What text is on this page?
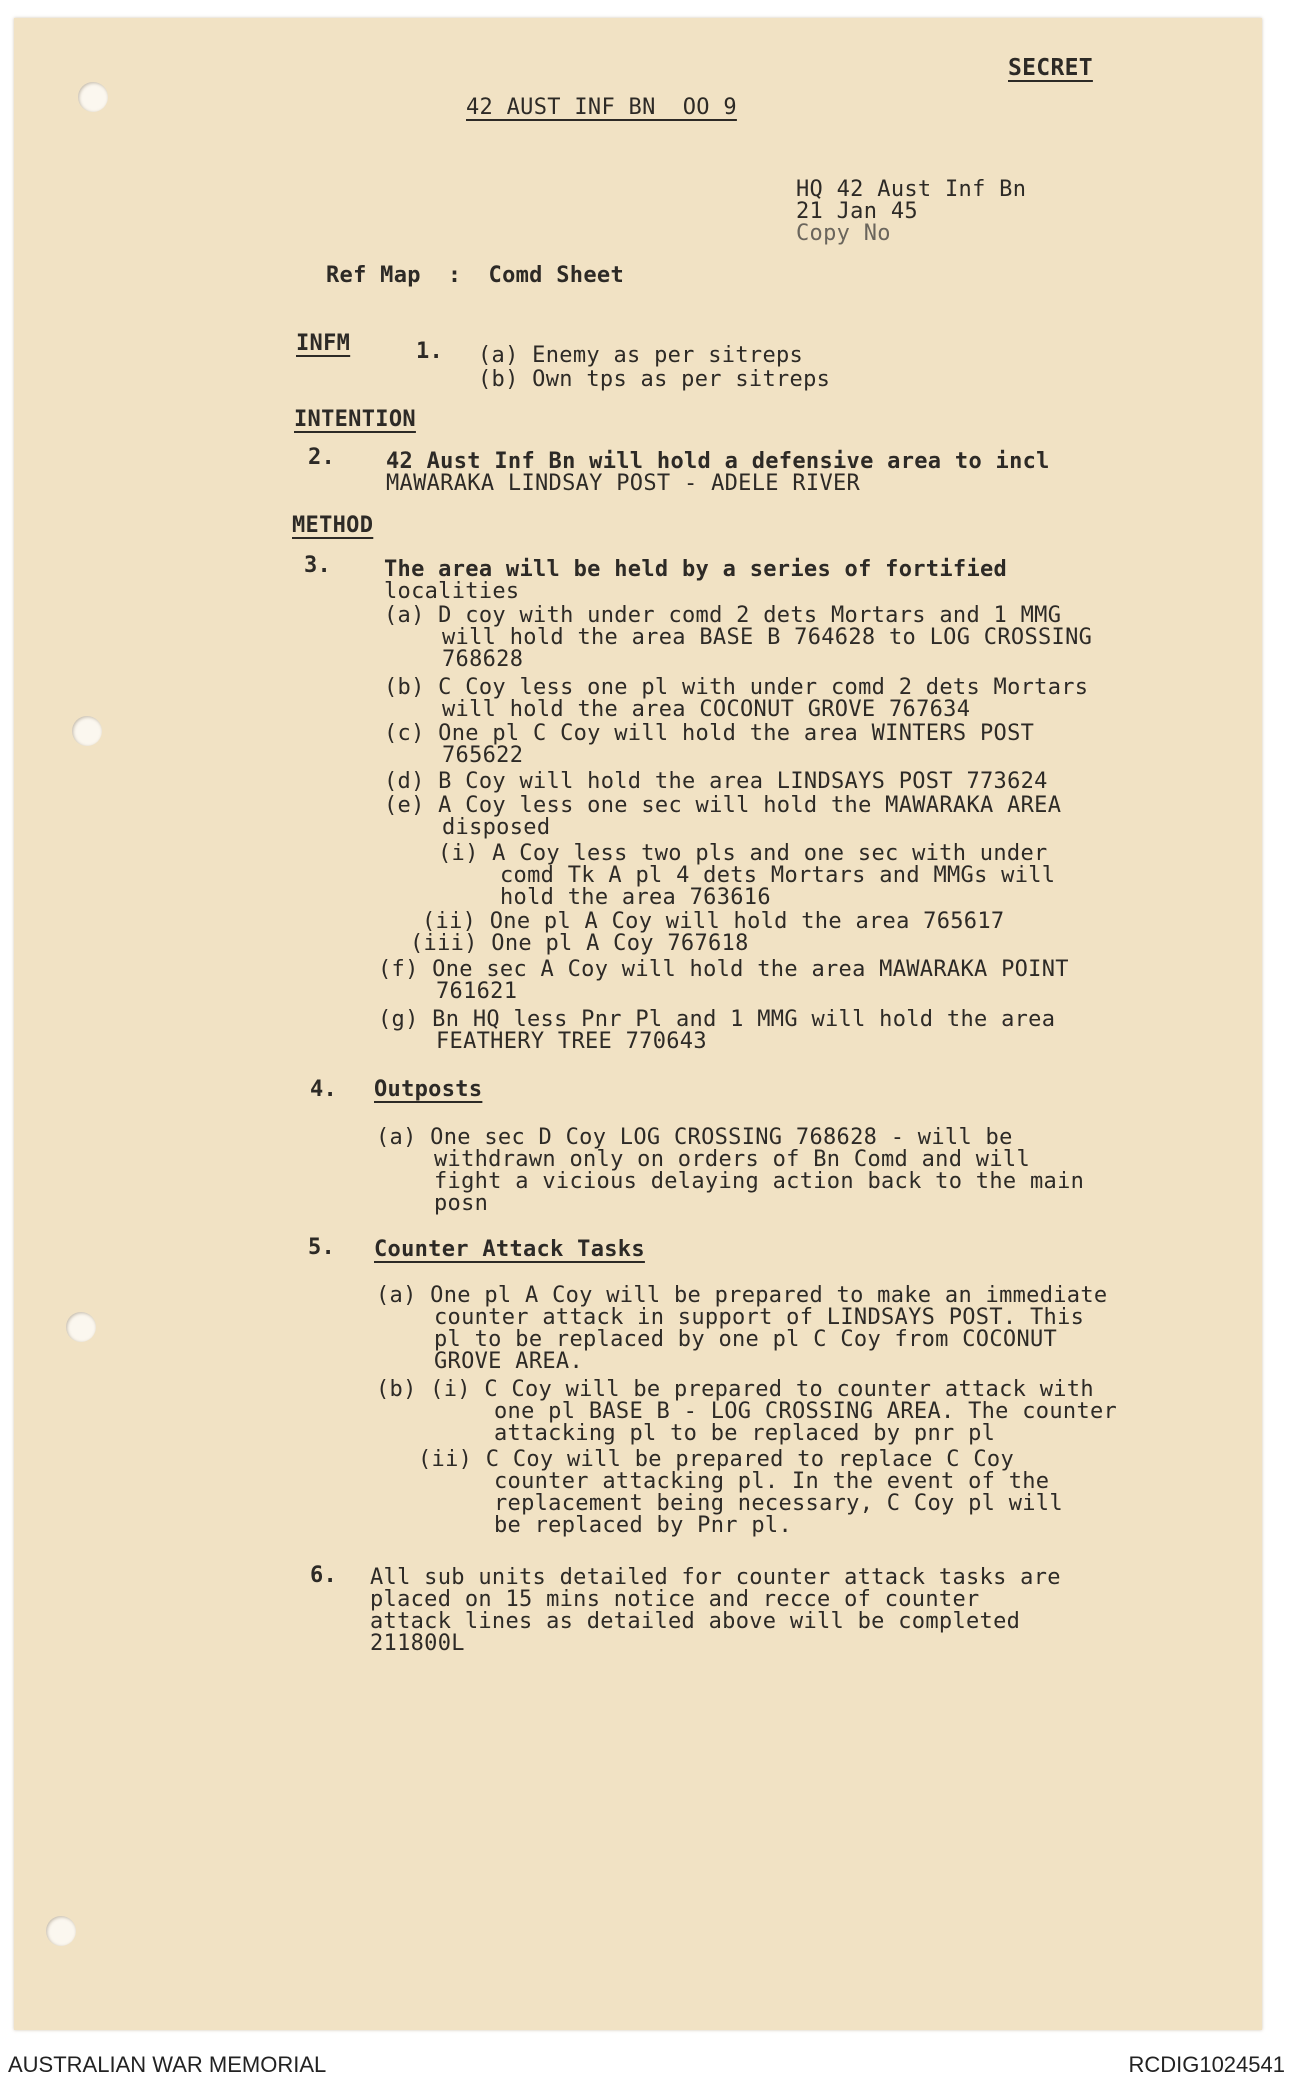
SECRET
42 AUST INF BN  OO 9
HQ 42 Aust Inf Bn
21 Jan 45
Copy No
Ref Map  :  Comd Sheet
INFM	1. (a) Enemy as per sitreps
(b) Own tps as per sitreps
INTENTION
2. 42 Aust Inf Bn will hold a defensive area to incl
MAWARAKA LINDSAY POST - ADELE RIVER
METHOD
3. The area will be held by a series of fortified
localities
(a) D coy with under comd 2 dets Mortars and 1 MMG
will hold the area BASE B 764628 to LOG CROSSING
768628
(b) C Coy less one pl with under comd 2 dets Mortars
will hold the area COCONUT GROVE 767634
(c) One pl C Coy will hold the area WINTERS POST
765622
(d) B Coy will hold the area LINDSAYS POST 773624
(e) A Coy less one sec will hold the MAWARAKA AREA
disposed
(i) A Coy less two pls and one sec with under
comd Tk A pl 4 dets Mortars and MMGs will
hold the area 763616
(ii) One pl A Coy will hold the area 765617
(iii) One pl A Coy 767618
(f) One sec A Coy will hold the area MAWARAKA POINT
761621
(g) Bn HQ less Pnr Pl and 1 MMG will hold the area
FEATHERY TREE 770643
4. Outposts
(a) One sec D Coy LOG CROSSING 768628 - will be
withdrawn only on orders of Bn Comd and will
fight a vicious delaying action back to the main
posn
5. Counter Attack Tasks
(a) One pl A Coy will be prepared to make an immediate
counter attack in support of LINDSAYS POST. This
pl to be replaced by one pl C Coy from COCONUT
GROVE AREA.
(b) (i) C Coy will be prepared to counter attack with
one pl BASE B - LOG CROSSING AREA. The counter
attacking pl to be replaced by pnr pl
(ii) C Coy will be prepared to replace C Coy
counter attacking pl. In the event of the
replacement being necessary, C Coy pl will
be replaced by Pnr pl.
6. All sub units detailed for counter attack tasks are
placed on 15 mins notice and recce of counter
attack lines as detailed above will be completed
211800L
AUSTRALIAN WAR MEMORIAL	RCDIG1024541
